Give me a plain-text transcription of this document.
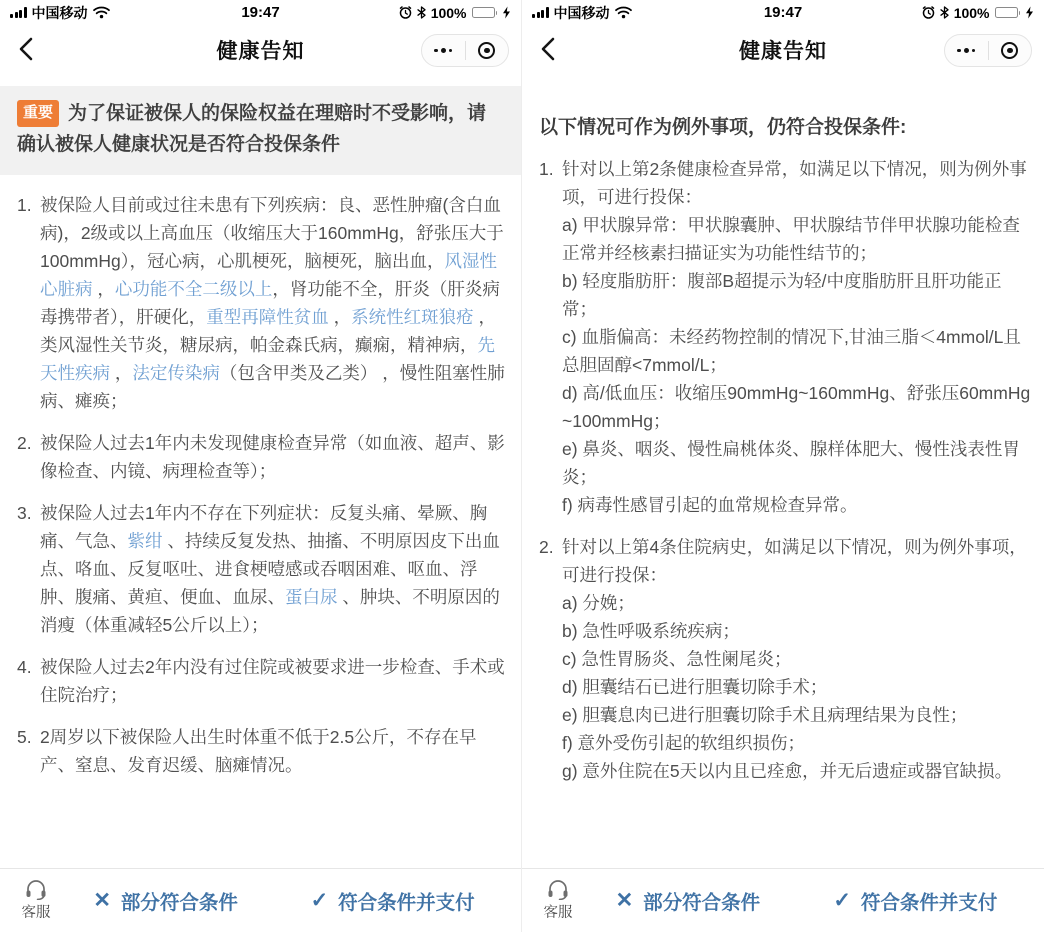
中国移动	19:47	100%
健康告知
重要 为了保证被保人的保险权益在理赔时不受影响，请确认被保人健康状况是否符合投保条件
1. 被保险人目前或过往未患有下列疾病：良、恶性肿瘤(含白血病)，2级或以上高血压（收缩压大于160mmHg，舒张压大于100mmHg），冠心病，心肌梗死，脑梗死，脑出血，风湿性心脏病 ，心功能不全二级以上，肾功能不全，肝炎（肝炎病毒携带者），肝硬化，重型再障性贫血 ，系统性红斑狼疮 ，类风湿性关节炎，糖尿病，帕金森氏病，癫痫，精神病，先天性疾病 ，法定传染病（包含甲类及乙类） ，慢性阻塞性肺病、瘫痪；
2. 被保险人过去1年内未发现健康检查异常（如血液、超声、影像检查、内镜、病理检查等）；
3. 被保险人过去1年内不存在下列症状：反复头痛、晕厥、胸痛、气急、紫绀 、持续反复发热、抽搐、不明原因皮下出血点、咯血、反复呕吐、进食梗噎感或吞咽困难、呕血、浮肿、腹痛、黄疸、便血、血尿、蛋白尿 、肿块、不明原因的消瘦（体重减轻5公斤以上）；
4. 被保险人过去2年内没有过住院或被要求进一步检查、手术或住院治疗；
5. 2周岁以下被保险人出生时体重不低于2.5公斤，不存在早产、窒息、发育迟缓、脑瘫情况。
客服
✕ 部分符合条件	✓ 符合条件并支付
中国移动	19:47	100%
健康告知
以下情况可作为例外事项，仍符合投保条件:
1. 针对以上第2条健康检查异常，如满足以下情况，则为例外事项，可进行投保：
a) 甲状腺异常：甲状腺囊肿、甲状腺结节伴甲状腺功能检查正常并经核素扫描证实为功能性结节的；
b) 轻度脂肪肝：腹部B超提示为轻/中度脂肪肝且肝功能正常；
c) 血脂偏高：未经药物控制的情况下,甘油三脂＜4mmol/L且总胆固醇<7mmol/L；
d) 高/低血压：收缩压90mmHg~160mmHg、舒张压60mmHg ~100mmHg；
e) 鼻炎、咽炎、慢性扁桃体炎、腺样体肥大、慢性浅表性胃炎；
f) 病毒性感冒引起的血常规检查异常。
2. 针对以上第4条住院病史，如满足以下情况，则为例外事项，可进行投保：
a) 分娩；
b) 急性呼吸系统疾病；
c) 急性胃肠炎、急性阑尾炎；
d) 胆囊结石已进行胆囊切除手术；
e) 胆囊息肉已进行胆囊切除手术且病理结果为良性；
f) 意外受伤引起的软组织损伤；
g) 意外住院在5天以内且已痊愈，并无后遗症或器官缺损。
客服
✕ 部分符合条件	✓ 符合条件并支付
